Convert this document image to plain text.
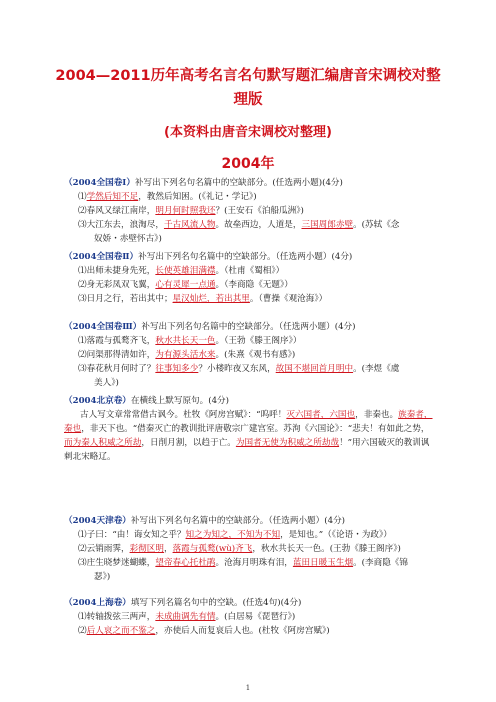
2004—2011历年高考名言名句默写题汇编唐音宋调校对整
理版
(本资料由唐音宋调校对整理)
2004年
（2004全国卷Ⅰ）补写出下列名句名篇中的空缺部分。(任选两小题)(4分)
⑴学然后知不足，教然后知困。(《礼记・学记》)
⑵春风又绿江南岸，明月何时照我还？(王安石《泊船瓜洲》)
⑶大江东去，浪淘尽，千古风流人物。故垒西边，人道是，三国周郎赤壁。(苏轼《念
奴娇・赤壁怀古》)
（2004全国卷Ⅱ）补写出下列名句名篇中的空缺部分。（任选两小题）(4分)
⑴出师未捷身先死，长使英雄泪满襟。（杜甫《蜀相》）
⑵身无彩凤双飞翼，心有灵犀一点通。（李商隐《无题》）
⑶日月之行，若出其中；星汉灿烂，若出其里。（曹操《观沧海》）
（2004全国卷Ⅲ）补写出下列名句名篇中的空缺部分。（任选两小题）(4分)
⑴落霞与孤鹜齐飞，秋水共长天一色。（王勃《滕王阁序》）
⑵问渠那得清如许，为有源头活水来。(朱熹《观书有感》)
⑶春花秋月何时了？往事知多少？小楼昨夜又东风，故国不堪回首月明中。(李煜《虞
美人》)
（2004北京卷）在横线上默写原句。(4分)
古人写文章常常借古讽今。杜牧《阿房宫赋》：“呜呼！灭六国者，六国也，非秦也。族秦者，秦也，非天下也。“借秦灭亡的教训批评唐敬宗广建宫室。苏洵《六国论》：“悲夫！有如此之势，而为秦人积威之所劫，日削月割，以趋于亡。为国者无使为积威之所劫哉！”用六国破灭的教训讽刺北宋略辽。
（2004天津卷）补写出下列名句名篇中的空缺部分。（任选两小题）(4分)
⑴子曰：“由！诲女知之乎？知之为知之，不知为不知，是知也。”（《论语・为政》）
⑵云销雨霁，彩彻区明，落霞与孤鹜(wù)齐飞，秋水共长天一色。(王勃《滕王阁序》)
⑶庄生晓梦迷蝴蝶，望帝春心托杜鹃。沧海月明珠有泪，蓝田日暖玉生烟。(李商隐《锦
瑟》)
（2004上海卷）填写下列名篇名句中的空缺。(任选4句)(4分)
⑴转轴拨弦三两声，未成曲调先有情。(白居易《琵琶行》)
⑵后人哀之而不鉴之，亦使后人而复哀后人也。(杜牧《阿房宫赋》)
1
